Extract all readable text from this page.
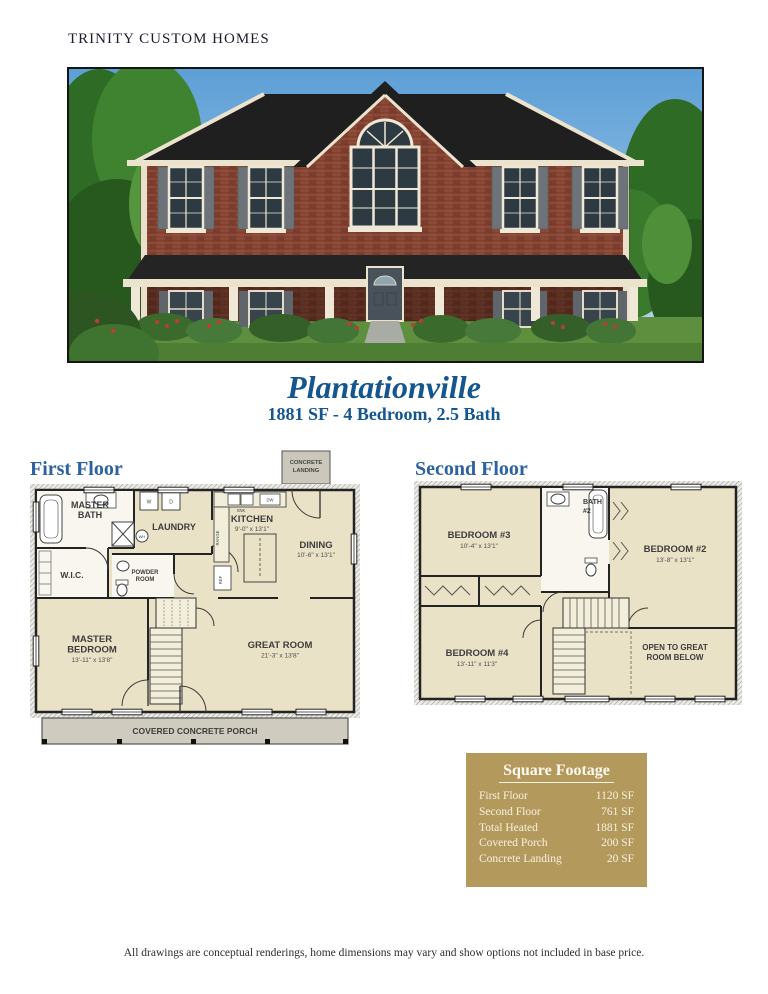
TRINITY CUSTOM HOMES
Plantationville
1881 SF - 4 Bedroom, 2.5 Bath
First Floor	Second Floor
CONCRETE
LANDING
W	D
WH
SNK
DW
RANGE
REF
MASTER
BATH
W.I.C.
LAUNDRY
POWDER
ROOM
KITCHEN
9'-0" x 13'1"
DINING
10'-6" x 13'1"
MASTER
BEDROOM
13'-11" x 13'8"
GREAT ROOM
21'-3" x 13'8"
COVERED CONCRETE PORCH
BEDROOM #3
10'-4" x 13'1"
BATH
#2
BEDROOM #2
13'-8" x 13'1"
BEDROOM #4
13'-11" x 11'3"
OPEN TO GREAT
ROOM BELOW
Square Footage
First Floor	1120 SF
Second Floor	761 SF
Total Heated	1881 SF
Covered Porch	200 SF
Concrete Landing	20 SF
All drawings are conceptual renderings, home dimensions may vary and show options not included in base price.
